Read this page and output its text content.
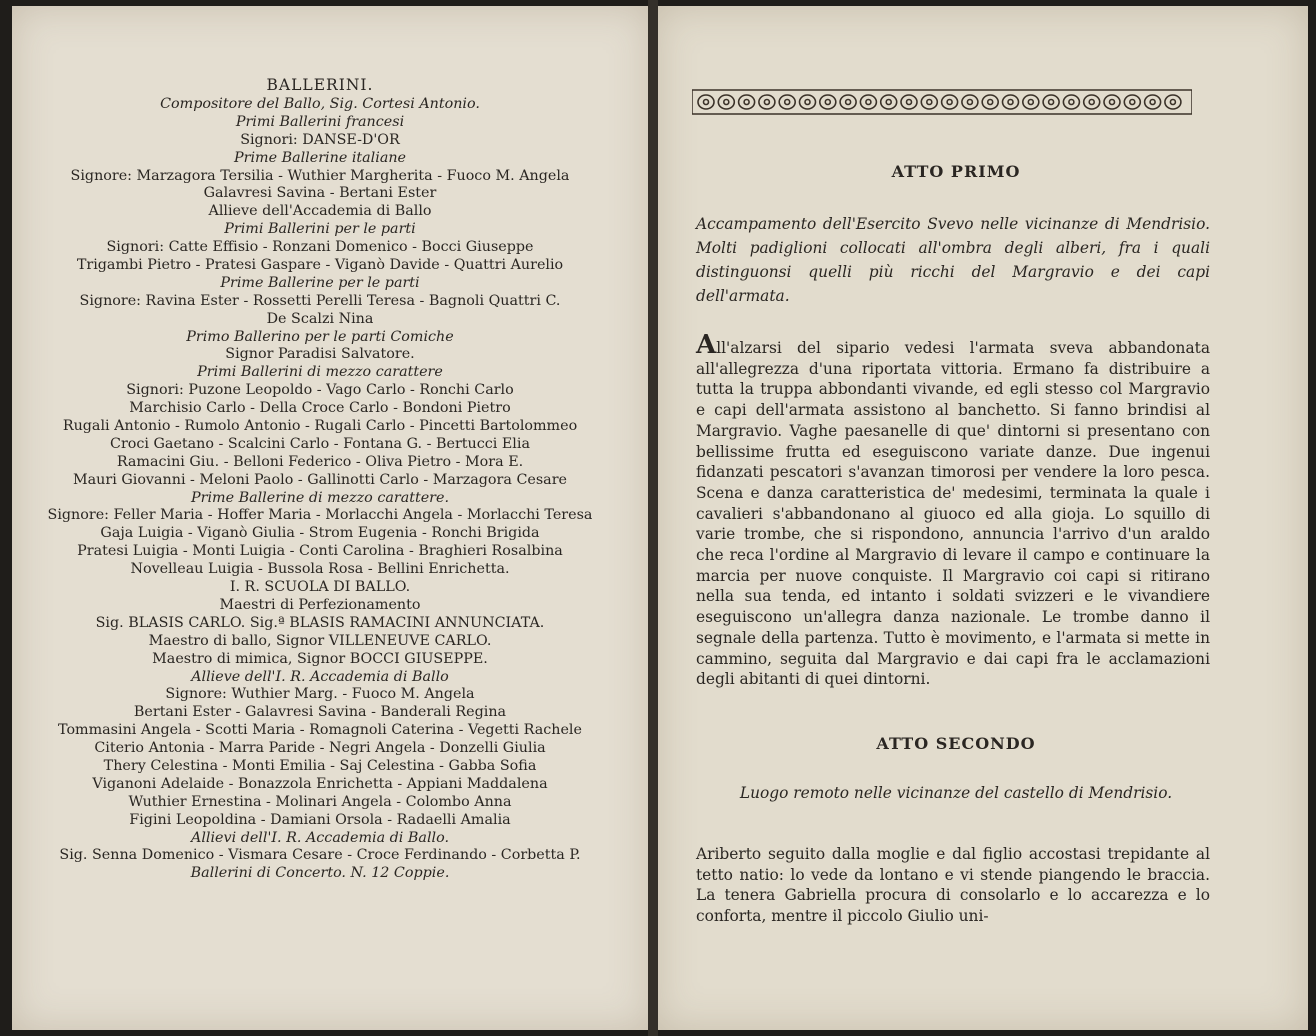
BALLERINI.
Compositore del Ballo, Sig. Cortesi Antonio.
Primi Ballerini francesi
Signori: DANSE-D'OR
Prime Ballerine italiane
Signore: Marzagora Tersilia - Wuthier Margherita - Fuoco M. Angela
Galavresi Savina - Bertani Ester
Allieve dell'Accademia di Ballo
Primi Ballerini per le parti
Signori: Catte Effisio - Ronzani Domenico - Bocci Giuseppe
Trigambi Pietro - Pratesi Gaspare - Viganò Davide - Quattri Aurelio
Prime Ballerine per le parti
Signore: Ravina Ester - Rossetti Perelli Teresa - Bagnoli Quattri C.
De Scalzi Nina
Primo Ballerino per le parti Comiche
Signor Paradisi Salvatore.
Primi Ballerini di mezzo carattere
Signori: Puzone Leopoldo - Vago Carlo - Ronchi Carlo
Marchisio Carlo - Della Croce Carlo - Bondoni Pietro
Rugali Antonio - Rumolo Antonio - Rugali Carlo - Pincetti Bartolommeo
Croci Gaetano - Scalcini Carlo - Fontana G. - Bertucci Elia
Ramacini Giu. - Belloni Federico - Oliva Pietro - Mora E.
Mauri Giovanni - Meloni Paolo - Gallinotti Carlo - Marzagora Cesare
Prime Ballerine di mezzo carattere.
Signore: Feller Maria - Hoffer Maria - Morlacchi Angela - Morlacchi Teresa
Gaja Luigia - Viganò Giulia - Strom Eugenia - Ronchi Brigida
Pratesi Luigia - Monti Luigia - Conti Carolina - Braghieri Rosalbina
Novelleau Luigia - Bussola Rosa - Bellini Enrichetta.
I. R. SCUOLA DI BALLO.
Maestri di Perfezionamento
Sig. BLASIS CARLO. Sig.ª BLASIS RAMACINI ANNUNCIATA.
Maestro di ballo, Signor VILLENEUVE CARLO.
Maestro di mimica, Signor BOCCI GIUSEPPE.
Allieve dell'I. R. Accademia di Ballo
Signore: Wuthier Marg. - Fuoco M. Angela
Bertani Ester - Galavresi Savina - Banderali Regina
Tommasini Angela - Scotti Maria - Romagnoli Caterina - Vegetti Rachele
Citerio Antonia - Marra Paride - Negri Angela - Donzelli Giulia
Thery Celestina - Monti Emilia - Saj Celestina - Gabba Sofia
Viganoni Adelaide - Bonazzola Enrichetta - Appiani Maddalena
Wuthier Ernestina - Molinari Angela - Colombo Anna
Figini Leopoldina - Damiani Orsola - Radaelli Amalia
Allievi dell'I. R. Accademia di Ballo.
Sig. Senna Domenico - Vismara Cesare - Croce Ferdinando - Corbetta P.
Ballerini di Concerto. N. 12 Coppie.
ATTO PRIMO
Accampamento dell'Esercito Svevo nelle vicinanze di Mendrisio. Molti padiglioni collocati all'ombra degli alberi, fra i quali distinguonsi quelli più ricchi del Margravio e dei capi dell'armata.
All'alzarsi del sipario vedesi l'armata sveva abbandonata all'allegrezza d'una riportata vittoria. Ermano fa distribuire a tutta la truppa abbondanti vivande, ed egli stesso col Margravio e capi dell'armata assistono al banchetto. Si fanno brindisi al Margravio. Vaghe paesanelle di que' dintorni si presentano con bellissime frutta ed eseguiscono variate danze. Due ingenui fidanzati pescatori s'avanzan timorosi per vendere la loro pesca. Scena e danza caratteristica de' medesimi, terminata la quale i cavalieri s'abbandonano al giuoco ed alla gioja. Lo squillo di varie trombe, che si rispondono, annuncia l'arrivo d'un araldo che reca l'ordine al Margravio di levare il campo e continuare la marcia per nuove conquiste. Il Margravio coi capi si ritirano nella sua tenda, ed intanto i soldati svizzeri e le vivandiere eseguiscono un'allegra danza nazionale. Le trombe danno il segnale della partenza. Tutto è movimento, e l'armata si mette in cammino, seguita dal Margravio e dai capi fra le acclamazioni degli abitanti di quei dintorni.
ATTO SECONDO
Luogo remoto nelle vicinanze del castello di Mendrisio.
Ariberto seguito dalla moglie e dal figlio accostasi trepidante al tetto natio: lo vede da lontano e vi stende piangendo le braccia. La tenera Gabriella procura di consolarlo e lo accarezza e lo conforta, mentre il piccolo Giulio uni-
